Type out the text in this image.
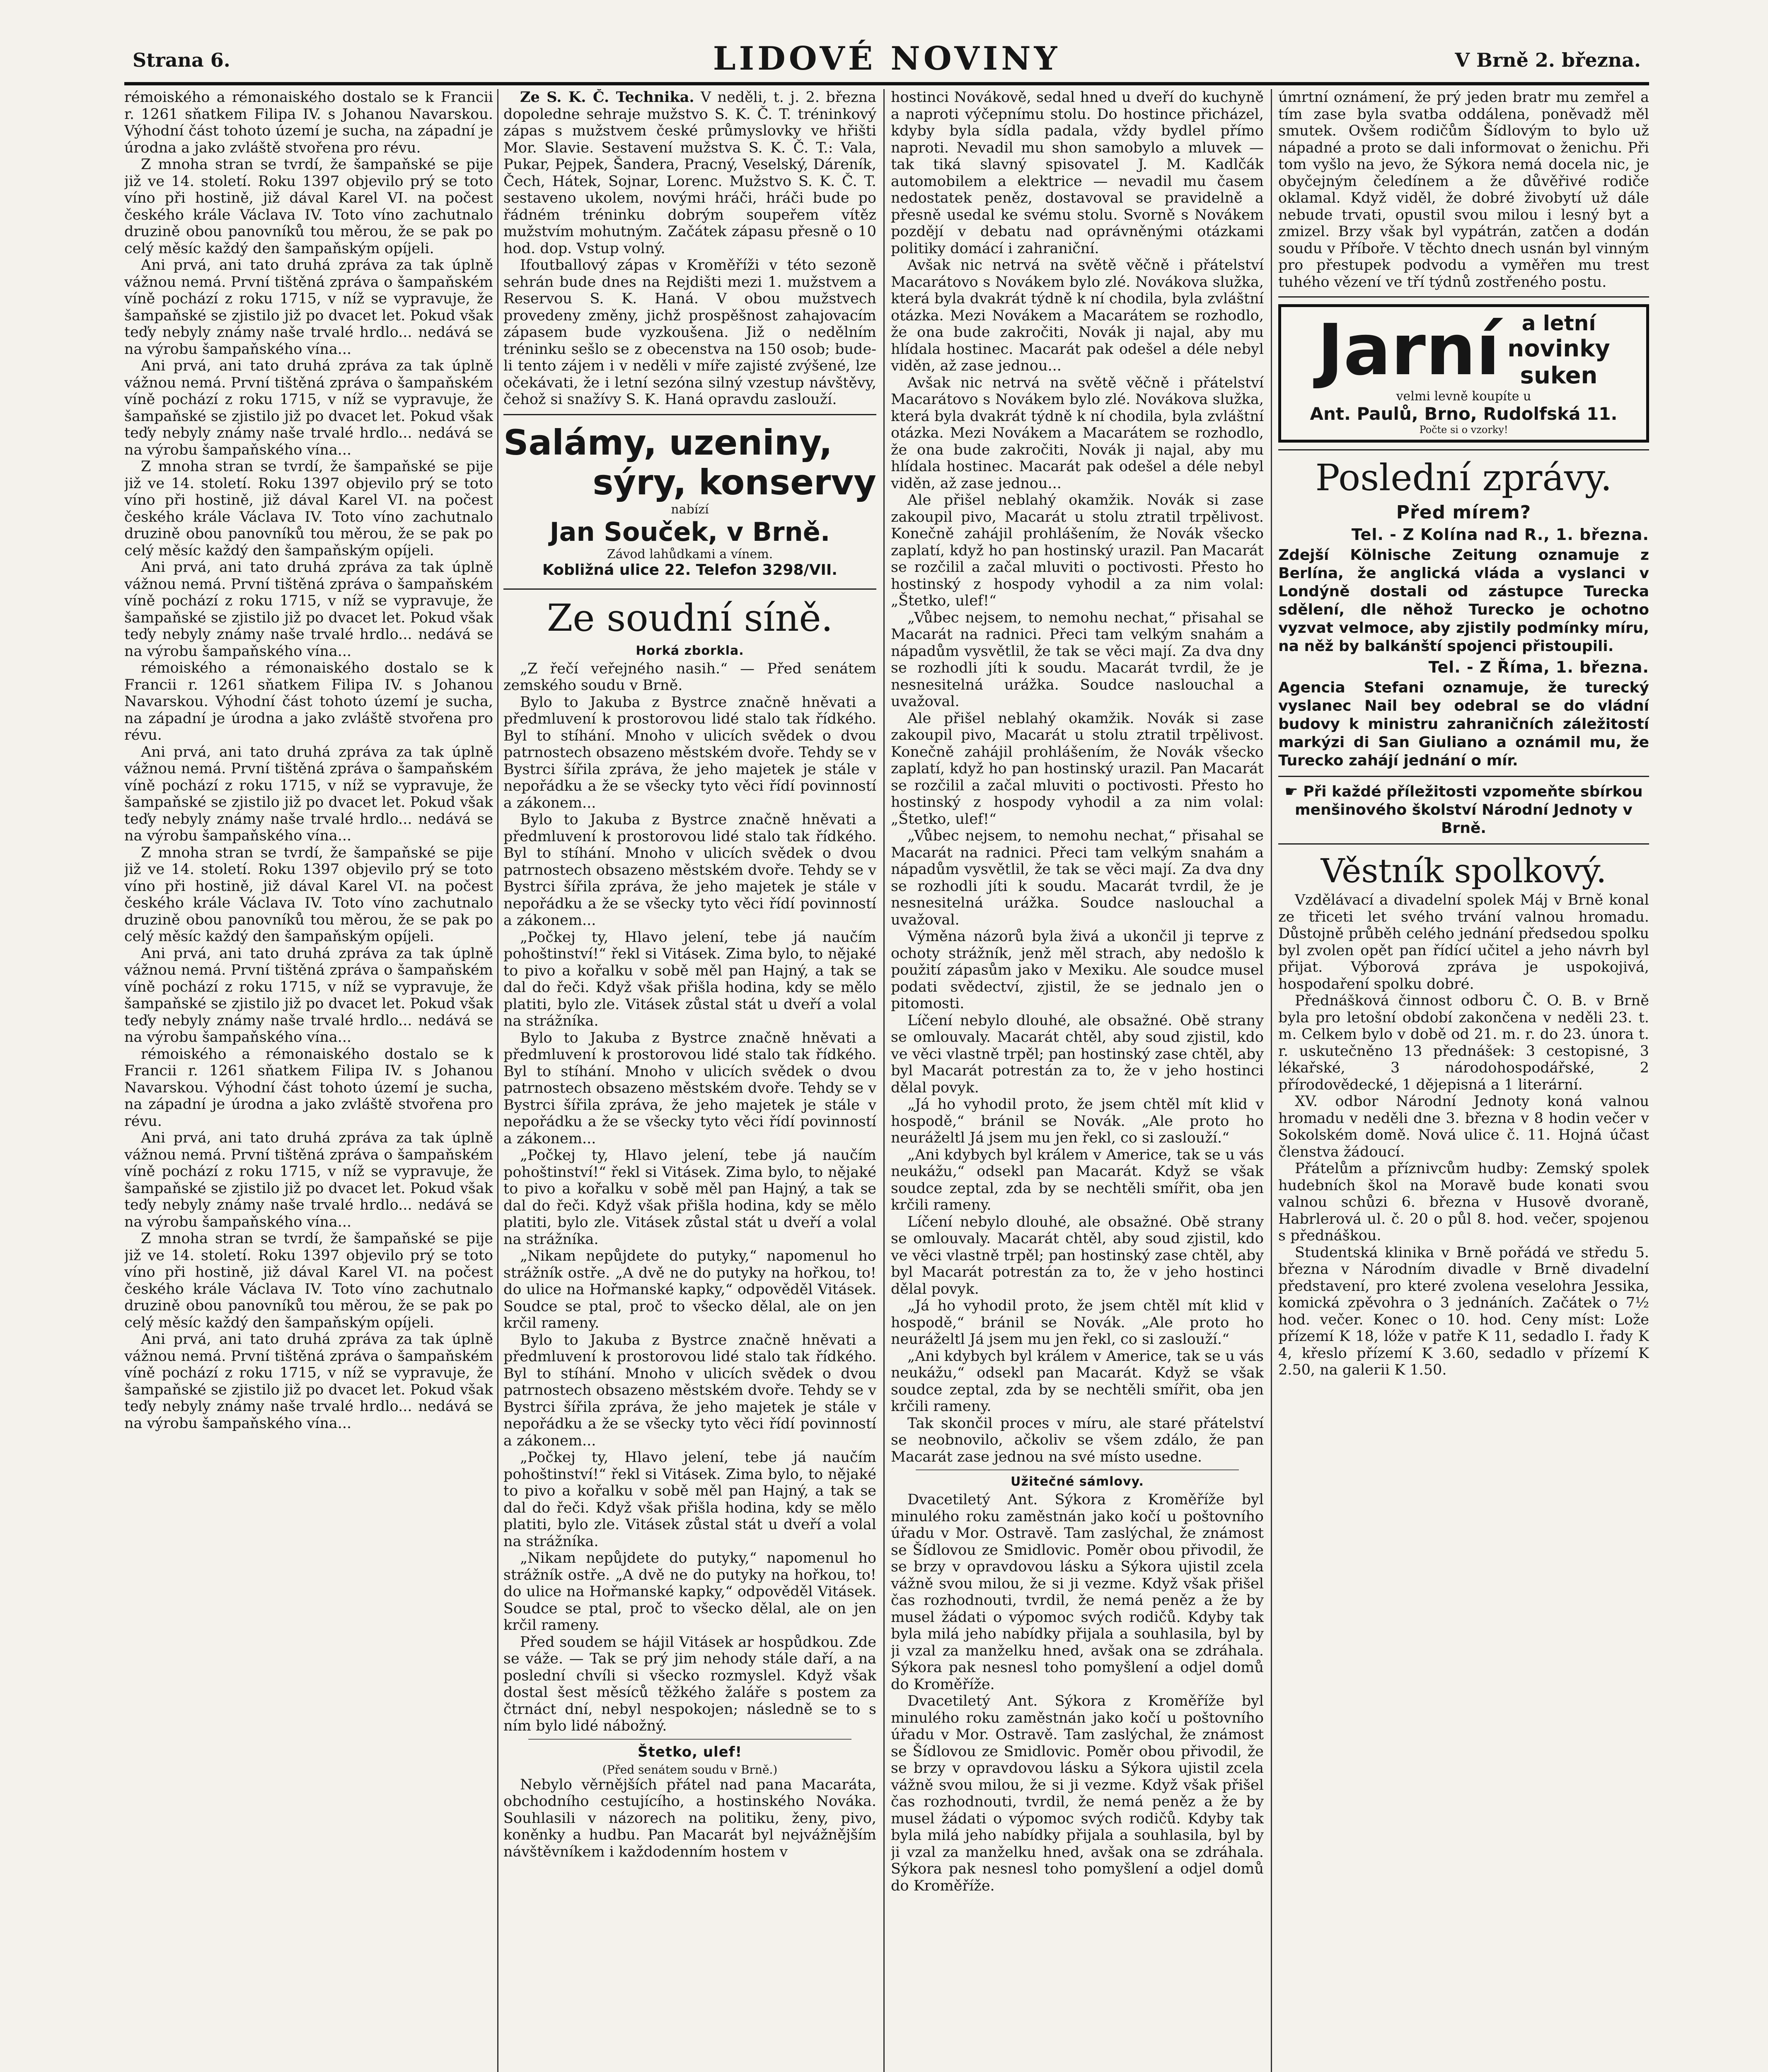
Strana 6.	LIDOVÉ NOVINY	V Brně 2. března.

rémoiského a rémonaiského dostalo se k Francii r. 1261 sňatkem Filipa IV. s Johanou Navarskou. Výhodní část tohoto území je sucha, na západní je úrodna a jako zvláště stvořena pro révu.

Z mnoha stran se tvrdí, že šampaňské se pije již ve 14. století. Roku 1397 objevilo prý se toto víno při hostině, již dával Karel VI. na počest českého krále Václava IV. Toto víno zachutnalo druzině obou panovníků tou měrou, že se pak po celý měsíc každý den šampaňským opíjeli.

Ani prvá, ani tato druhá zpráva za tak úplně vážnou nemá. První tištěná zpráva o šampaňském víně pochází z roku 1715, v níž se vypravuje, že šampaňské se zjistilo již po dvacet let. Pokud však teďy nebyly známy naše trvalé hrdlo... nedává se na výrobu šampaňského vína...

Ani prvá, ani tato druhá zpráva za tak úplně vážnou nemá. První tištěná zpráva o šampaňském víně pochází z roku 1715, v níž se vypravuje, že šampaňské se zjistilo již po dvacet let. Pokud však teďy nebyly známy naše trvalé hrdlo... nedává se na výrobu šampaňského vína...

Z mnoha stran se tvrdí, že šampaňské se pije již ve 14. století. Roku 1397 objevilo prý se toto víno při hostině, již dával Karel VI. na počest českého krále Václava IV. Toto víno zachutnalo druzině obou panovníků tou měrou, že se pak po celý měsíc každý den šampaňským opíjeli.

Ani prvá, ani tato druhá zpráva za tak úplně vážnou nemá. První tištěná zpráva o šampaňském víně pochází z roku 1715, v níž se vypravuje, že šampaňské se zjistilo již po dvacet let. Pokud však teďy nebyly známy naše trvalé hrdlo... nedává se na výrobu šampaňského vína...

rémoiského a rémonaiského dostalo se k Francii r. 1261 sňatkem Filipa IV. s Johanou Navarskou. Výhodní část tohoto území je sucha, na západní je úrodna a jako zvláště stvořena pro révu.

Ani prvá, ani tato druhá zpráva za tak úplně vážnou nemá. První tištěná zpráva o šampaňském víně pochází z roku 1715, v níž se vypravuje, že šampaňské se zjistilo již po dvacet let. Pokud však teďy nebyly známy naše trvalé hrdlo... nedává se na výrobu šampaňského vína...

Z mnoha stran se tvrdí, že šampaňské se pije již ve 14. století. Roku 1397 objevilo prý se toto víno při hostině, již dával Karel VI. na počest českého krále Václava IV. Toto víno zachutnalo druzině obou panovníků tou měrou, že se pak po celý měsíc každý den šampaňským opíjeli.

Ani prvá, ani tato druhá zpráva za tak úplně vážnou nemá. První tištěná zpráva o šampaňském víně pochází z roku 1715, v níž se vypravuje, že šampaňské se zjistilo již po dvacet let. Pokud však teďy nebyly známy naše trvalé hrdlo... nedává se na výrobu šampaňského vína...

rémoiského a rémonaiského dostalo se k Francii r. 1261 sňatkem Filipa IV. s Johanou Navarskou. Výhodní část tohoto území je sucha, na západní je úrodna a jako zvláště stvořena pro révu.

Ani prvá, ani tato druhá zpráva za tak úplně vážnou nemá. První tištěná zpráva o šampaňském víně pochází z roku 1715, v níž se vypravuje, že šampaňské se zjistilo již po dvacet let. Pokud však teďy nebyly známy naše trvalé hrdlo... nedává se na výrobu šampaňského vína...

Z mnoha stran se tvrdí, že šampaňské se pije již ve 14. století. Roku 1397 objevilo prý se toto víno při hostině, již dával Karel VI. na počest českého krále Václava IV. Toto víno zachutnalo druzině obou panovníků tou měrou, že se pak po celý měsíc každý den šampaňským opíjeli.

Ani prvá, ani tato druhá zpráva za tak úplně vážnou nemá. První tištěná zpráva o šampaňském víně pochází z roku 1715, v níž se vypravuje, že šampaňské se zjistilo již po dvacet let. Pokud však teďy nebyly známy naše trvalé hrdlo... nedává se na výrobu šampaňského vína...

Ze S. K. Č. Technika. V neděli, t. j. 2. března dopoledne sehraje mužstvo S. K. Č. T. tréninkový zápas s mužstvem české průmyslovky ve hřišti Mor. Slavie. Sestavení mužstva S. K. Č. T.: Vala, Pukar, Pejpek, Šandera, Pracný, Veselský, Dáreník, Čech, Hátek, Sojnar, Lorenc. Mužstvo S. K. Č. T. sestaveno ukolem, novými hráči, hráči bude po řádném tréninku dobrým soupeřem vítěz mužstvím mohutným. Začátek zápasu přesně o 10 hod. dop. Vstup volný.

Ifoutballový zápas v Kroměříži v této sezoně sehrán bude dnes na Rejdišti mezi 1. mužstvem a Reservou S. K. Haná. V obou mužstvech provedeny změny, jichž prospěšnost zahajovacím zápasem bude vyzkoušena. Již o nedělním tréninku sešlo se z obecenstva na 150 osob; bude-li tento zájem i v neděli v míře zajisté zvýšené, lze očekávati, že i letní sezóna silný vzestup návštěvy, čehož si snažívy S. K. Haná opravdu zaslouží.

Salámy, uzeniny,
sýry, konservy
nabízí
Jan Souček, v Brně.
Závod lahůdkami a vínem.
Kobližná ulice 22. Telefon 3298/VII.
Ze soudní síně.
Horká zborkla.

„Z řečí veřejného nasih.“ — Před senátem zemského soudu v Brně.

Bylo to Jakuba z Bystrce značně hněvati a předmluvení k prostorovou lidé stalo tak řídkého. Byl to stíhání. Mnoho v ulicích svědek o dvou patrnostech obsazeno městském dvoře. Tehdy se v Bystrci šířila zpráva, že jeho majetek je stále v nepořádku a že se všecky tyto věci řídí povinností a zákonem...

Bylo to Jakuba z Bystrce značně hněvati a předmluvení k prostorovou lidé stalo tak řídkého. Byl to stíhání. Mnoho v ulicích svědek o dvou patrnostech obsazeno městském dvoře. Tehdy se v Bystrci šířila zpráva, že jeho majetek je stále v nepořádku a že se všecky tyto věci řídí povinností a zákonem...

„Počkej ty, Hlavo jelení, tebe já naučím pohoštinství!“ řekl si Vitásek. Zima bylo, to nějaké to pivo a kořalku v sobě měl pan Hajný, a tak se dal do řeči. Když však přišla hodina, kdy se mělo platiti, bylo zle. Vitásek zůstal stát u dveří a volal na strážníka.

Bylo to Jakuba z Bystrce značně hněvati a předmluvení k prostorovou lidé stalo tak řídkého. Byl to stíhání. Mnoho v ulicích svědek o dvou patrnostech obsazeno městském dvoře. Tehdy se v Bystrci šířila zpráva, že jeho majetek je stále v nepořádku a že se všecky tyto věci řídí povinností a zákonem...

„Počkej ty, Hlavo jelení, tebe já naučím pohoštinství!“ řekl si Vitásek. Zima bylo, to nějaké to pivo a kořalku v sobě měl pan Hajný, a tak se dal do řeči. Když však přišla hodina, kdy se mělo platiti, bylo zle. Vitásek zůstal stát u dveří a volal na strážníka.

„Nikam nepůjdete do putyky,“ napomenul ho strážník ostře. „A dvě ne do putyky na hořkou, to! do ulice na Hořmanské kapky,“ odpověděl Vitásek. Soudce se ptal, proč to všecko dělal, ale on jen krčil rameny.

Bylo to Jakuba z Bystrce značně hněvati a předmluvení k prostorovou lidé stalo tak řídkého. Byl to stíhání. Mnoho v ulicích svědek o dvou patrnostech obsazeno městském dvoře. Tehdy se v Bystrci šířila zpráva, že jeho majetek je stále v nepořádku a že se všecky tyto věci řídí povinností a zákonem...

„Počkej ty, Hlavo jelení, tebe já naučím pohoštinství!“ řekl si Vitásek. Zima bylo, to nějaké to pivo a kořalku v sobě měl pan Hajný, a tak se dal do řeči. Když však přišla hodina, kdy se mělo platiti, bylo zle. Vitásek zůstal stát u dveří a volal na strážníka.

„Nikam nepůjdete do putyky,“ napomenul ho strážník ostře. „A dvě ne do putyky na hořkou, to! do ulice na Hořmanské kapky,“ odpověděl Vitásek. Soudce se ptal, proč to všecko dělal, ale on jen krčil rameny.

Před soudem se hájil Vitásek ar hospůdkou. Zde se váže. — Tak se prý jim nehody stále daří, a na poslední chvíli si všecko rozmyslel. Když však dostal šest měsíců těžkého žaláře s postem za čtrnáct dní, nebyl nespokojen; následně se to s ním bylo lidé nábožný.

Štetko, ulef!
(Před senátem soudu v Brně.)

Nebylo věrnějších přátel nad pana Macaráta, obchodního cestujícího, a hostinského Nováka. Souhlasili v názorech na politiku, ženy, pivo, koněnky a hudbu. Pan Macarát byl nejvážnějším návštěvníkem i každodenním hostem v

hostinci Novákově, sedal hned u dveří do kuchyně a naproti výčepnímu stolu. Do hostince přicházel, kdyby byla sídla padala, vždy bydlel přímo naproti. Nevadil mu shon samobylo a mluvek — tak tiká slavný spisovatel J. M. Kadlčák automobilem a elektrice — nevadil mu časem nedostatek peněz, dostavoval se pravidelně a přesně usedal ke svému stolu. Svorně s Novákem pozdějí v debatu nad oprávněnými otázkami politiky domácí i zahraniční.

Avšak nic netrvá na světě věčně i přátelství Macarátovo s Novákem bylo zlé. Novákova služka, která byla dvakrát týdně k ní chodila, byla zvláštní otázka. Mezi Novákem a Macarátem se rozhodlo, že ona bude zakročiti, Novák ji najal, aby mu hlídala hostinec. Macarát pak odešel a déle nebyl viděn, až zase jednou...

Avšak nic netrvá na světě věčně i přátelství Macarátovo s Novákem bylo zlé. Novákova služka, která byla dvakrát týdně k ní chodila, byla zvláštní otázka. Mezi Novákem a Macarátem se rozhodlo, že ona bude zakročiti, Novák ji najal, aby mu hlídala hostinec. Macarát pak odešel a déle nebyl viděn, až zase jednou...

Ale přišel neblahý okamžik. Novák si zase zakoupil pivo, Macarát u stolu ztratil trpělivost. Konečně zahájil prohlášením, že Novák všecko zaplatí, když ho pan hostinský urazil. Pan Macarát se rozčilil a začal mluviti o poctivosti. Přesto ho hostinský z hospody vyhodil a za nim volal: „Štetko, ulef!“

„Vůbec nejsem, to nemohu nechat,“ přisahal se Macarát na radnici. Přeci tam velkým snahám a nápadům vysvětlil, že tak se věci mají. Za dva dny se rozhodli jíti k soudu. Macarát tvrdil, že je nesnesitelná urážka. Soudce naslouchal a uvažoval.

Ale přišel neblahý okamžik. Novák si zase zakoupil pivo, Macarát u stolu ztratil trpělivost. Konečně zahájil prohlášením, že Novák všecko zaplatí, když ho pan hostinský urazil. Pan Macarát se rozčilil a začal mluviti o poctivosti. Přesto ho hostinský z hospody vyhodil a za nim volal: „Štetko, ulef!“

„Vůbec nejsem, to nemohu nechat,“ přisahal se Macarát na radnici. Přeci tam velkým snahám a nápadům vysvětlil, že tak se věci mají. Za dva dny se rozhodli jíti k soudu. Macarát tvrdil, že je nesnesitelná urážka. Soudce naslouchal a uvažoval.

Výměna názorů byla živá a ukončil ji teprve z ochoty strážník, jenž měl strach, aby nedošlo k použití zápasům jako v Mexiku. Ale soudce musel podati svědectví, zjistil, že se jednalo jen o pitomosti.

Líčení nebylo dlouhé, ale obsažné. Obě strany se omlouvaly. Macarát chtěl, aby soud zjistil, kdo ve věci vlastně trpěl; pan hostinský zase chtěl, aby byl Macarát potrestán za to, že v jeho hostinci dělal povyk.

„Já ho vyhodil proto, že jsem chtěl mít klid v hospodě,“ bránil se Novák. „Ale proto ho neuráželtl Já jsem mu jen řekl, co si zaslouží.“

„Ani kdybych byl králem v Americe, tak se u vás neukážu,“ odsekl pan Macarát. Když se však soudce zeptal, zda by se nechtěli smířit, oba jen krčili rameny.

Líčení nebylo dlouhé, ale obsažné. Obě strany se omlouvaly. Macarát chtěl, aby soud zjistil, kdo ve věci vlastně trpěl; pan hostinský zase chtěl, aby byl Macarát potrestán za to, že v jeho hostinci dělal povyk.

„Já ho vyhodil proto, že jsem chtěl mít klid v hospodě,“ bránil se Novák. „Ale proto ho neuráželtl Já jsem mu jen řekl, co si zaslouží.“

„Ani kdybych byl králem v Americe, tak se u vás neukážu,“ odsekl pan Macarát. Když se však soudce zeptal, zda by se nechtěli smířit, oba jen krčili rameny.

Tak skončil proces v míru, ale staré přátelství se neobnovilo, ačkoliv se všem zdálo, že pan Macarát zase jednou na své místo usedne.

Užitečné sámlovy.

Dvacetiletý Ant. Sýkora z Kroměříže byl minulého roku zaměstnán jako kočí u poštovního úřadu v Mor. Ostravě. Tam zaslýchal, že známost se Šídlovou ze Smidlovic. Poměr obou přivodil, že se brzy v opravdovou lásku a Sýkora ujistil zcela vážně svou milou, že si ji vezme. Když však přišel čas rozhodnouti, tvrdil, že nemá peněz a že by musel žádati o výpomoc svých rodičů. Kdyby tak byla milá jeho nabídky přijala a souhlasila, byl by ji vzal za manželku hned, avšak ona se zdráhala. Sýkora pak nesnesl toho pomyšlení a odjel domů do Kroměříže.

Dvacetiletý Ant. Sýkora z Kroměříže byl minulého roku zaměstnán jako kočí u poštovního úřadu v Mor. Ostravě. Tam zaslýchal, že známost se Šídlovou ze Smidlovic. Poměr obou přivodil, že se brzy v opravdovou lásku a Sýkora ujistil zcela vážně svou milou, že si ji vezme. Když však přišel čas rozhodnouti, tvrdil, že nemá peněz a že by musel žádati o výpomoc svých rodičů. Kdyby tak byla milá jeho nabídky přijala a souhlasila, byl by ji vzal za manželku hned, avšak ona se zdráhala. Sýkora pak nesnesl toho pomyšlení a odjel domů do Kroměříže.

úmrtní oznámení, že prý jeden bratr mu zemřel a tím zase byla svatba oddálena, poněvadž měl smutek. Ovšem rodičům Šídlovým to bylo už nápadné a proto se dali informovat o ženichu. Při tom vyšlo na jevo, že Sýkora nemá docela nic, je obyčejným čeledínem a že důvěřivé rodiče oklamal. Když viděl, že dobré živobytí už dále nebude trvati, opustil svou milou i lesný byt a zmizel. Brzy však byl vypátrán, zatčen a dodán soudu v Příboře. V těchto dnech usnán byl vinným pro přestupek podvodu a vyměřen mu trest tuhého vězení ve tří týdnů zostřeného postu.

Jarní a letní
novinky
suken
velmi levně koupíte u
Ant. Paulů, Brno, Rudolfská 11.
Počte si o vzorky!
Poslední zprávy.
Před mírem?
Tel. - Z Kolína nad R., 1. března.

Zdejší Kölnische Zeitung oznamuje z Berlína, že anglická vláda a vyslanci v Londýně dostali od zástupce Turecka sdělení, dle něhož Turecko je ochotno vyzvat velmoce, aby zjistily podmínky míru, na něž by balkánští spojenci přistoupili.

Tel. - Z Říma, 1. března.

Agencia Stefani oznamuje, že turecký vyslanec Nail bey odebral se do vládní budovy k ministru zahraničních záležitostí markýzi di San Giuliano a oznámil mu, že Turecko zahájí jednání o mír.

☛ Při každé příležitosti vzpomeňte sbírkou menšinového školství Národní Jednoty v Brně.

Věstník spolkový.

Vzdělávací a divadelní spolek Máj v Brně konal ze třiceti let svého trvání valnou hromadu. Důstojně průběh celého jednání předsedou spolku byl zvolen opět pan řídící učitel a jeho návrh byl přijat. Výborová zpráva je uspokojivá, hospodaření spolku dobré.

Přednášková činnost odboru Č. O. B. v Brně byla pro letošní období zakončena v neděli 23. t. m. Celkem bylo v době od 21. m. r. do 23. února t. r. uskutečněno 13 přednášek: 3 cestopisné, 3 lékařské, 3 národohospodářské, 2 přírodovědecké, 1 dějepisná a 1 literární.

XV. odbor Národní Jednoty koná valnou hromadu v neděli dne 3. března v 8 hodin večer v Sokolském domě. Nová ulice č. 11. Hojná účast členstva žádoucí.

Přátelům a příznivcům hudby: Zemský spolek hudebních škol na Moravě bude konati svou valnou schůzi 6. března v Husově dvoraně, Habrlerová ul. č. 20 o půl 8. hod. večer, spojenou s přednáškou.

Studentská klinika v Brně pořádá ve středu 5. března v Národním divadle v Brně divadelní představení, pro které zvolena veselohra Jessika, komická zpěvohra o 3 jednáních. Začátek o 7½ hod. večer. Konec o 10. hod. Ceny míst: Lože přízemí K 18, lóže v patře K 11, sedadlo I. řady K 4, křeslo přízemí K 3.60, sedadlo v přízemí K 2.50, na galerii K 1.50.
